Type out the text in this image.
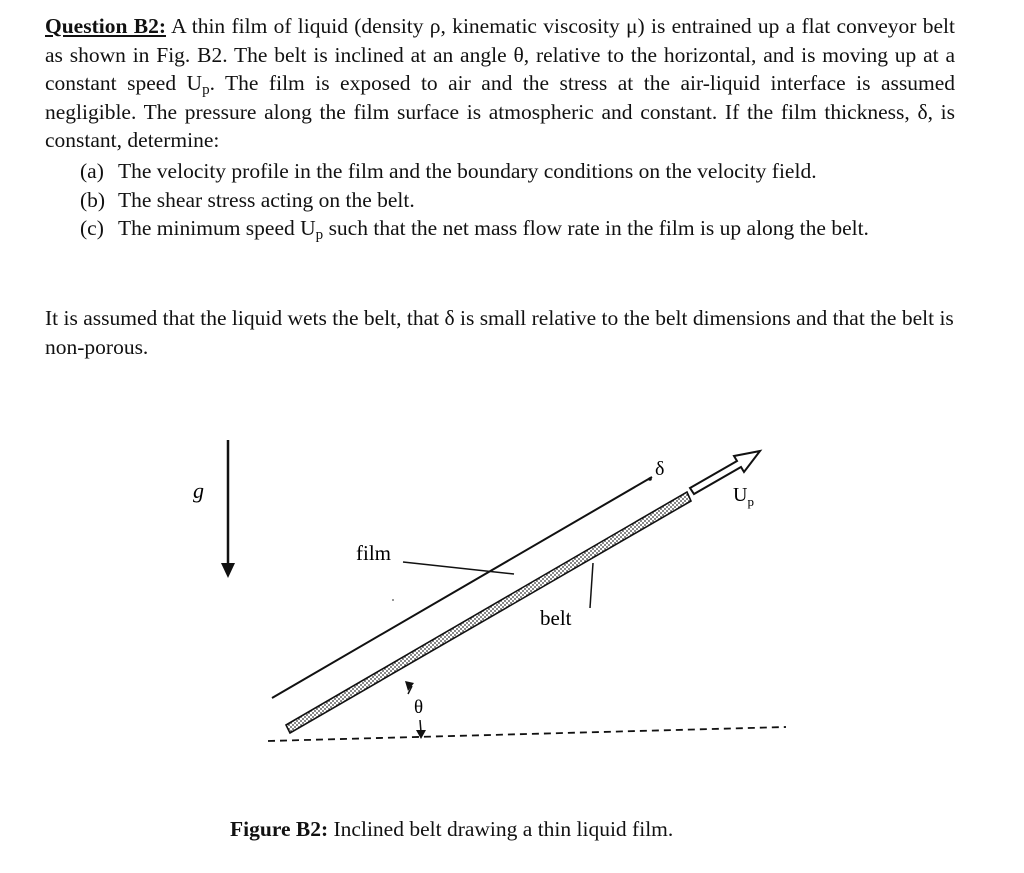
Question B2: A thin film of liquid (density ρ, kinematic viscosity μ) is entrained up a flat conveyor belt as shown in Fig. B2. The belt is inclined at an angle θ, relative to the horizontal, and is moving up at a constant speed $U_p$. The film is exposed to air and the stress at the air-liquid interface is assumed negligible. The pressure along the film surface is atmospheric and constant. If the film thickness, δ, is constant, determine:
(a) The velocity profile in the film and the boundary conditions on the velocity field.
(b) The shear stress acting on the belt.
(c) The minimum speed $U_p$ such that the net mass flow rate in the film is up along the belt.
It is assumed that the liquid wets the belt, that δ is small relative to the belt dimensions and that the belt is non-porous.
g
δ
$U_p$
film
belt
θ
Figure B2: Inclined belt drawing a thin liquid film.
